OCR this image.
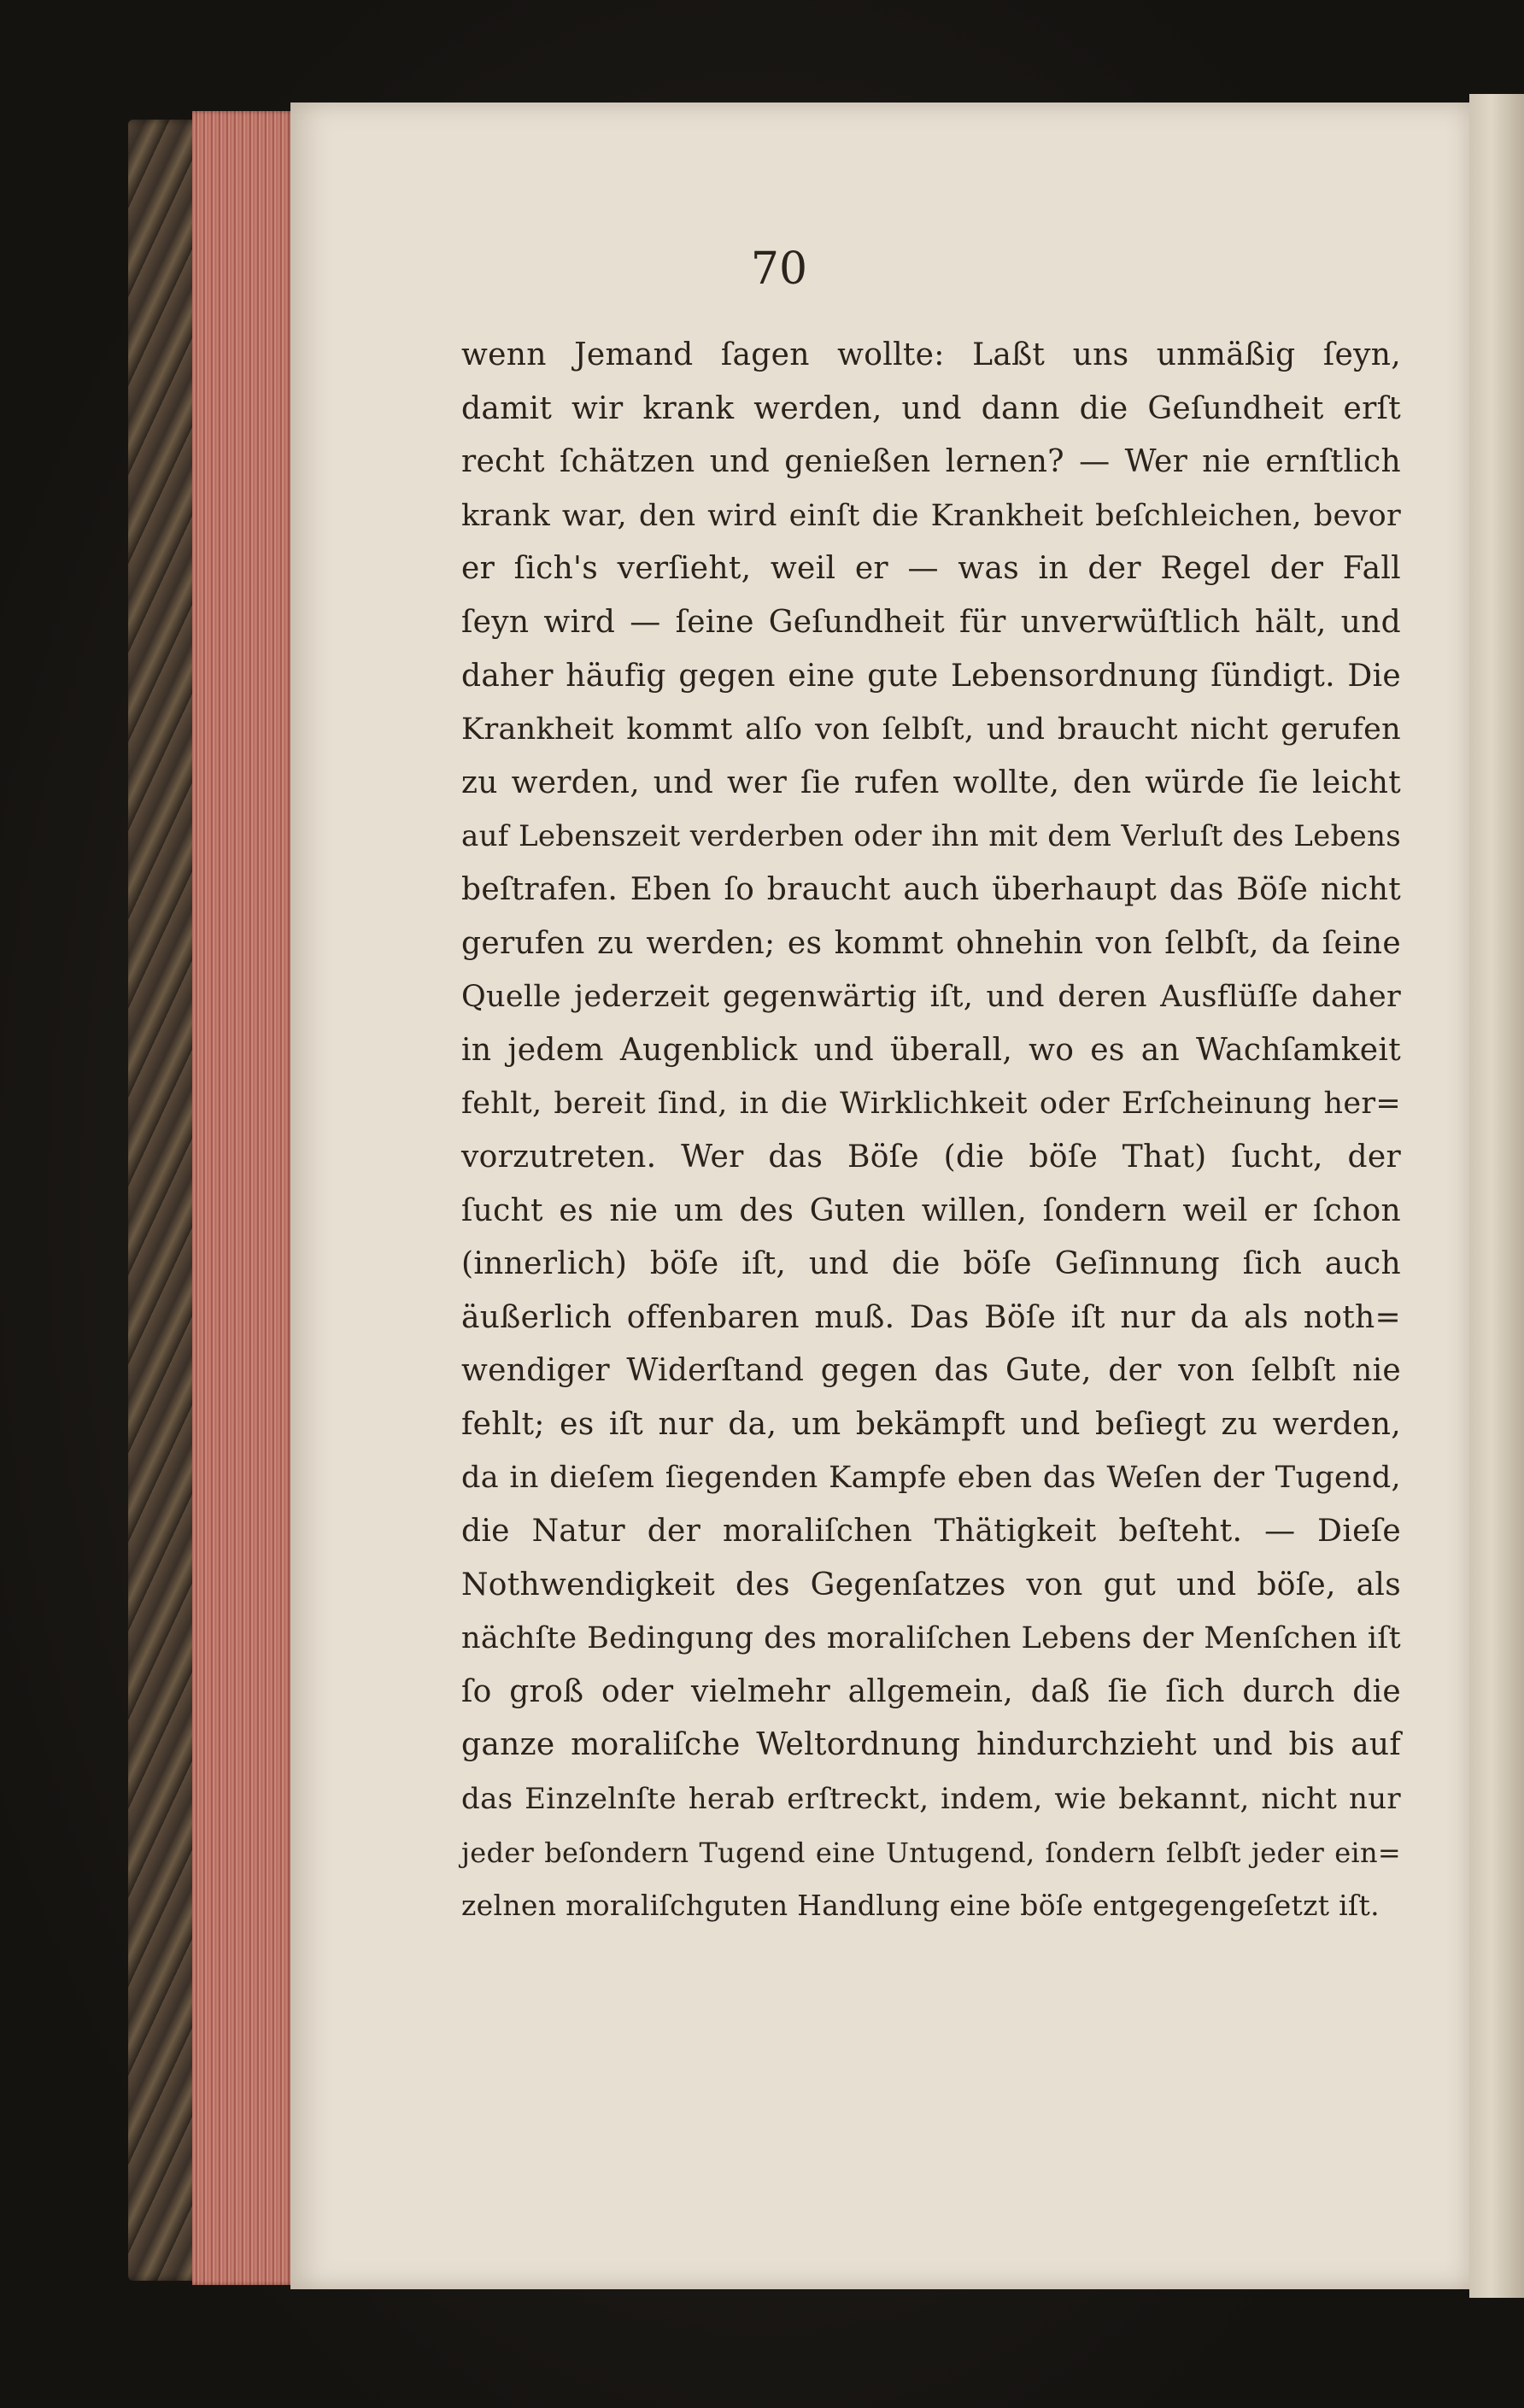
70
wenn Jemand ſagen wollte: Laßt uns unmäßig ſeyn,
damit wir krank werden, und dann die Geſundheit erſt
recht ſchätzen und genießen lernen? — Wer nie ernſtlich
krank war, den wird einſt die Krankheit beſchleichen, bevor
er ſich's verſieht, weil er — was in der Regel der Fall
ſeyn wird — ſeine Geſundheit für unverwüſtlich hält, und
daher häufig gegen eine gute Lebensordnung ſündigt. Die
Krankheit kommt alſo von ſelbſt, und braucht nicht gerufen
zu werden, und wer ſie rufen wollte, den würde ſie leicht
auf Lebenszeit verderben oder ihn mit dem Verluſt des Lebens
beſtrafen. Eben ſo braucht auch überhaupt das Böſe nicht
gerufen zu werden; es kommt ohnehin von ſelbſt, da ſeine
Quelle jederzeit gegenwärtig iſt, und deren Ausflüſſe daher
in jedem Augenblick und überall, wo es an Wachſamkeit
fehlt, bereit ſind, in die Wirklichkeit oder Erſcheinung her=
vorzutreten. Wer das Böſe (die böſe That) ſucht, der
ſucht es nie um des Guten willen, ſondern weil er ſchon
(innerlich) böſe iſt, und die böſe Geſinnung ſich auch
äußerlich offenbaren muß. Das Böſe iſt nur da als noth=
wendiger Widerſtand gegen das Gute, der von ſelbſt nie
fehlt; es iſt nur da, um bekämpft und beſiegt zu werden,
da in dieſem ſiegenden Kampfe eben das Weſen der Tugend,
die Natur der moraliſchen Thätigkeit beſteht. — Dieſe
Nothwendigkeit des Gegenſatzes von gut und böſe, als
nächſte Bedingung des moraliſchen Lebens der Menſchen iſt
ſo groß oder vielmehr allgemein, daß ſie ſich durch die
ganze moraliſche Weltordnung hindurchzieht und bis auf
das Einzelnſte herab erſtreckt, indem, wie bekannt, nicht nur
jeder beſondern Tugend eine Untugend, ſondern ſelbſt jeder ein=
zelnen moraliſchguten Handlung eine böſe entgegengeſetzt iſt.
